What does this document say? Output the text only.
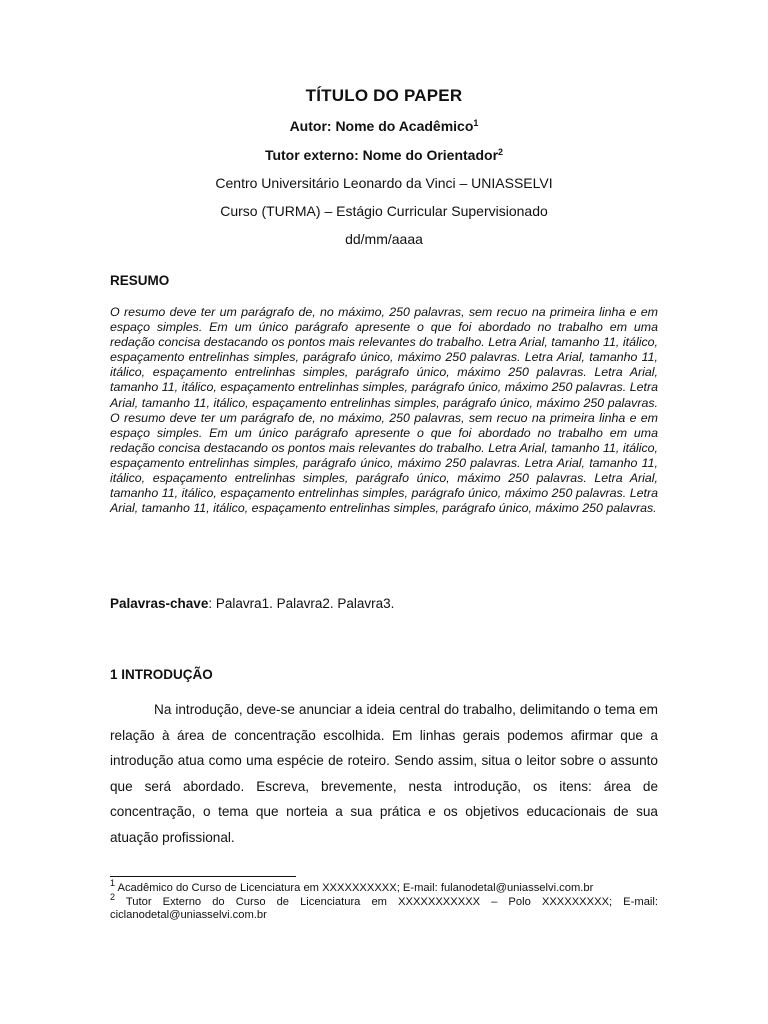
TÍTULO DO PAPER
Autor: Nome do Acadêmico$^1$
Tutor externo: Nome do Orientador$^2$
Centro Universitário Leonardo da Vinci – UNIASSELVI
Curso (TURMA) – Estágio Curricular Supervisionado
dd/mm/aaaa
RESUMO

O resumo deve ter um parágrafo de, no máximo, 250 palavras, sem recuo na primeira linha e em espaço simples. Em um único parágrafo apresente o que foi abordado no trabalho em uma redação concisa destacando os pontos mais relevantes do trabalho. Letra Arial, tamanho 11, itálico, espaçamento entrelinhas simples, parágrafo único, máximo 250 palavras. Letra Arial, tamanho 11, itálico, espaçamento entrelinhas simples, parágrafo único, máximo 250 palavras. Letra Arial, tamanho 11, itálico, espaçamento entrelinhas simples, parágrafo único, máximo 250 palavras. Letra Arial, tamanho 11, itálico, espaçamento entrelinhas simples, parágrafo único, máximo 250 palavras. O resumo deve ter um parágrafo de, no máximo, 250 palavras, sem recuo na primeira linha e em espaço simples. Em um único parágrafo apresente o que foi abordado no trabalho em uma redação concisa destacando os pontos mais relevantes do trabalho. Letra Arial, tamanho 11, itálico, espaçamento entrelinhas simples, parágrafo único, máximo 250 palavras. Letra Arial, tamanho 11, itálico, espaçamento entrelinhas simples, parágrafo único, máximo 250 palavras. Letra Arial, tamanho 11, itálico, espaçamento entrelinhas simples, parágrafo único, máximo 250 palavras. Letra Arial, tamanho 11, itálico, espaçamento entrelinhas simples, parágrafo único, máximo 250 palavras.

Palavras-chave: Palavra1. Palavra2. Palavra3.
1 INTRODUÇÃO

Na introdução, deve-se anunciar a ideia central do trabalho, delimitando o tema em relação à área de concentração escolhida. Em linhas gerais podemos afirmar que a introdução atua como uma espécie de roteiro. Sendo assim, situa o leitor sobre o assunto que será abordado. Escreva, brevemente, nesta introdução, os itens: área de concentração, o tema que norteia a sua prática e os objetivos educacionais de sua atuação profissional.

$^1$ Acadêmico do Curso de Licenciatura em XXXXXXXXXX; E-mail: fulanodetal@uniasselvi.com.br

$^2$ Tutor Externo do Curso de Licenciatura em XXXXXXXXXXX – Polo XXXXXXXXX; E-mail: ciclanodetal@uniasselvi.com.br
